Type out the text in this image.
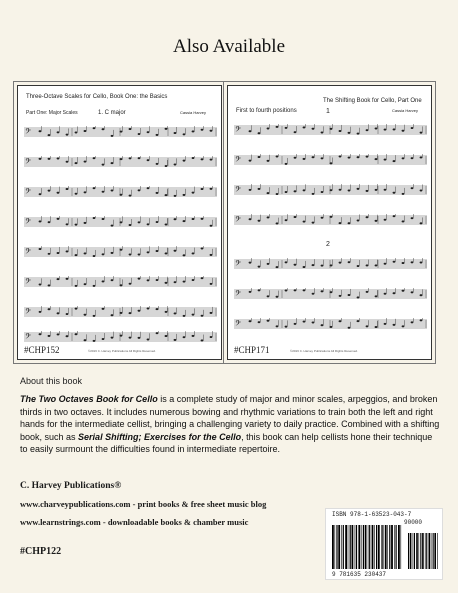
Also Available
Three-Octave Scales for Cello, Book One: the Basics
Part One: Major Scales	1. C major	Cassia Harvey
𝄢
𝄢
𝄢
𝄢
𝄢
𝄢
𝄢
𝄢
#CHP152	©2016 C. Harvey Publications All Rights Reserved.
The Shifting Book for Cello, Part One
First to fourth positions	1
2
Cassia Harvey
𝄢
𝄢
𝄢
𝄢
𝄢
𝄢
𝄢
#CHP171	©2016 C. Harvey Publications All Rights Reserved.
About this book
The Two Octaves Book for Cello is a complete study of major and minor scales, arpeggios, and broken thirds in two octaves. It includes numerous bowing and rhythmic variations to train both the left and right hands for the intermediate cellist, bringing a challenging variety to daily practice. Combined with a shifting book, such as Serial Shifting; Exercises for the Cello, this book can help cellists hone their technique to easily surmount the difficulties found in intermediate repertoire.
C. Harvey Publications®
www.charveypublications.com - print books & free sheet music blog
www.learnstrings.com - downloadable books & chamber music
#CHP122
ISBN 978-1-63523-043-7
90000
9 781635 230437
